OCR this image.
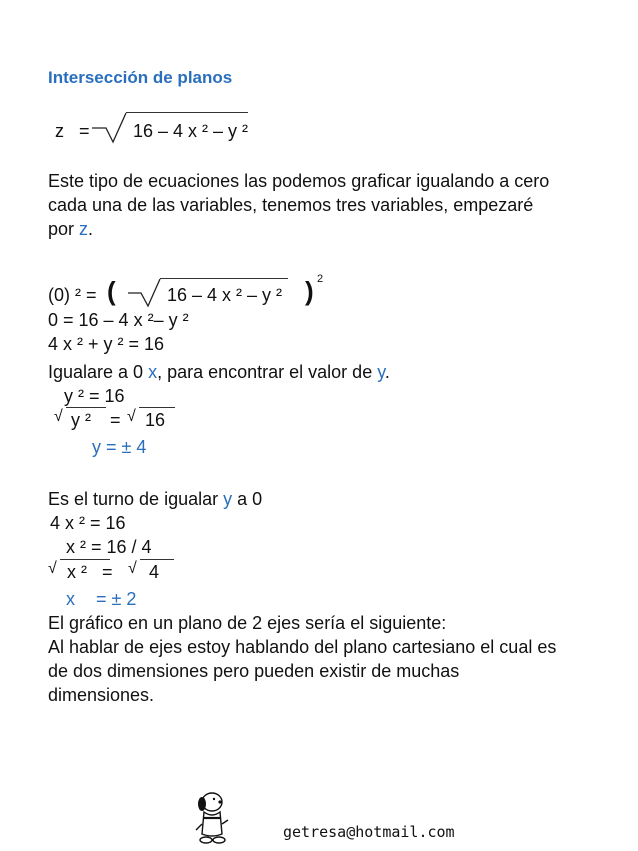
Intersección de planos
z = 16 – 4 x ² – y ²
Este tipo de ecuaciones las podemos graficar igualando a cero
cada una de las variables, tenemos tres variables, empezaré
por z.
(0) ² = (	16 – 4 x ² – y ² ) 2
0 = 16 – 4 x ²– y ²
4 x ² + y ² = 16
Igualare a 0 x, para encontrar el valor de y.
y ² = 16
√ y ² = √ 16
y = ± 4
Es el turno de igualar y a 0
4 x ² = 16
x ² = 16 / 4
√ x ² = √ 4
x = ± 2
El gráfico en un plano de 2 ejes sería el siguiente:
Al hablar de ejes estoy hablando del plano cartesiano el cual es
de dos dimensiones pero pueden existir de muchas
dimensiones.
getresa@hotmail.com
